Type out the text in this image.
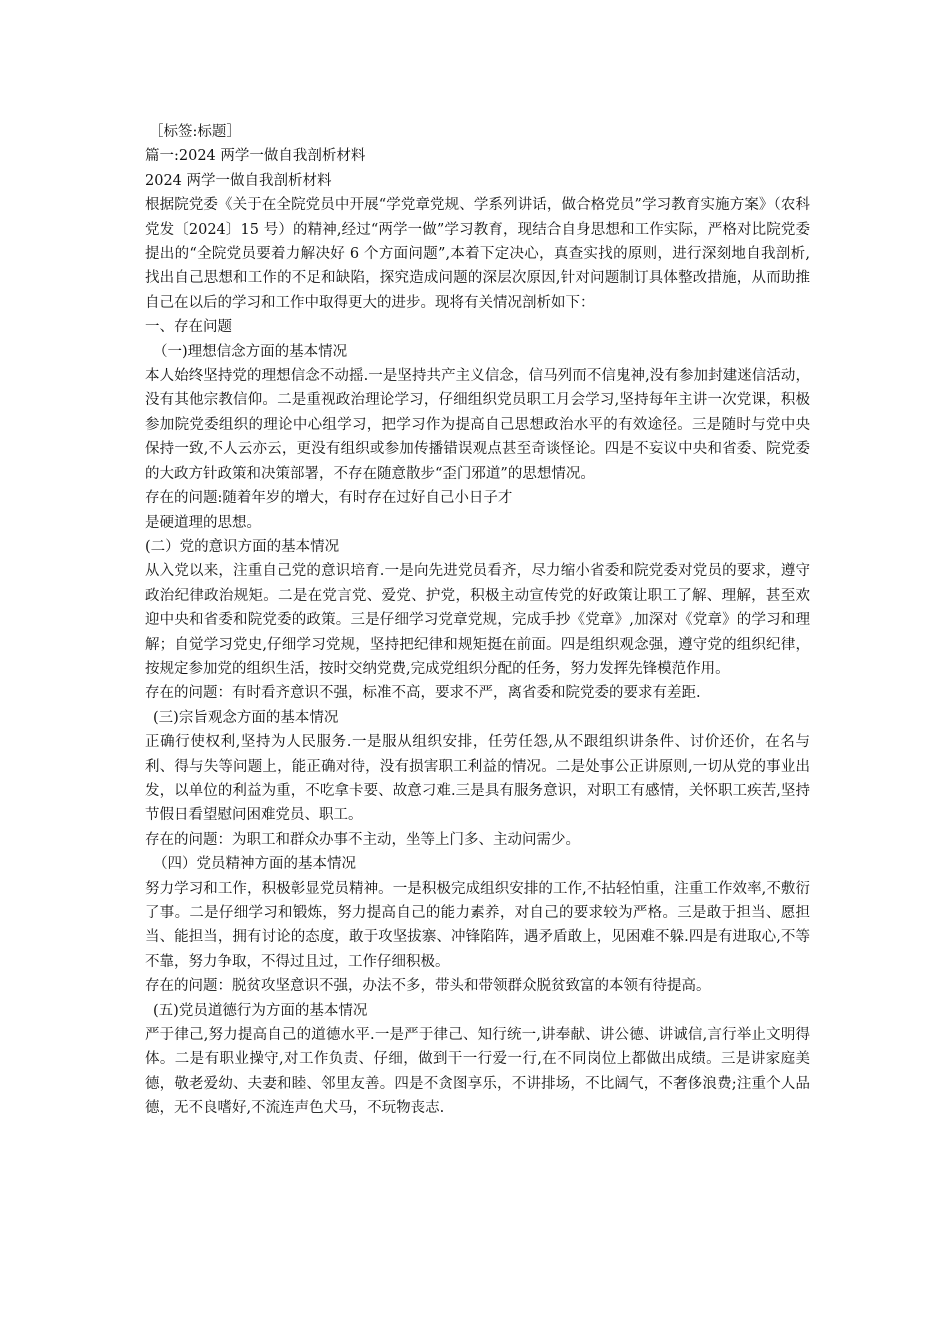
［标签:标题］

篇一:2024 两学一做自我剖析材料

2024 两学一做自我剖析材料

根据院党委《关于在全院党员中开展“学党章党规、学系列讲话，做合格党员”学习教育实施方案》（农科党发〔2024〕15 号）的精神,经过“两学一做”学习教育，现结合自身思想和工作实际，严格对比院党委提出的“全院党员要着力解决好 6 个方面问题”,本着下定决心，真查实找的原则，进行深刻地自我剖析,找出自己思想和工作的不足和缺陷，探究造成问题的深层次原因,针对问题制订具体整改措施，从而助推自己在以后的学习和工作中取得更大的进步。现将有关情况剖析如下：

一、存在问题

（一)理想信念方面的基本情况

本人始终坚持党的理想信念不动摇.一是坚持共产主义信念，信马列而不信鬼神,没有参加封建迷信活动，没有其他宗教信仰。二是重视政治理论学习，仔细组织党员职工月会学习,坚持每年主讲一次党课，积极参加院党委组织的理论中心组学习，把学习作为提高自己思想政治水平的有效途径。三是随时与党中央保持一致,不人云亦云，更没有组织或参加传播错误观点甚至奇谈怪论。四是不妄议中央和省委、院党委的大政方针政策和决策部署，不存在随意散步“歪门邪道”的思想情况。

存在的问题:随着年岁的增大，有时存在过好自己小日子才

是硬道理的思想。

(二）党的意识方面的基本情况

从入党以来，注重自己党的意识培育.一是向先进党员看齐，尽力缩小省委和院党委对党员的要求，遵守政治纪律政治规矩。二是在党言党、爱党、护党，积极主动宣传党的好政策让职工了解、理解，甚至欢迎中央和省委和院党委的政策。三是仔细学习党章党规，完成手抄《党章》,加深对《党章》的学习和理解；自觉学习党史,仔细学习党规，坚持把纪律和规矩挺在前面。四是组织观念强，遵守党的组织纪律，按规定参加党的组织生活，按时交纳党费,完成党组织分配的任务，努力发挥先锋模范作用。

存在的问题：有时看齐意识不强，标准不高，要求不严，离省委和院党委的要求有差距.

(三)宗旨观念方面的基本情况

正确行使权利,坚持为人民服务.一是服从组织安排，任劳任怨,从不跟组织讲条件、讨价还价，在名与利、得与失等问题上，能正确对待，没有损害职工利益的情况。二是处事公正讲原则,一切从党的事业出发，以单位的利益为重，不吃拿卡要、故意刁难.三是具有服务意识，对职工有感情，关怀职工疾苦,坚持节假日看望慰问困难党员、职工。

存在的问题：为职工和群众办事不主动，坐等上门多、主动问需少。

（四）党员精神方面的基本情况

努力学习和工作，积极彰显党员精神。一是积极完成组织安排的工作,不拈轻怕重，注重工作效率,不敷衍了事。二是仔细学习和锻炼，努力提高自己的能力素养，对自己的要求较为严格。三是敢于担当、愿担当、能担当，拥有讨论的态度，敢于攻坚拔寨、冲锋陷阵，遇矛盾敢上，见困难不躲.四是有进取心,不等不靠，努力争取，不得过且过，工作仔细积极。

存在的问题：脱贫攻坚意识不强，办法不多，带头和带领群众脱贫致富的本领有待提高。

(五)党员道德行为方面的基本情况

严于律己,努力提高自己的道德水平.一是严于律己、知行统一,讲奉献、讲公德、讲诚信,言行举止文明得体。二是有职业操守,对工作负责、仔细，做到干一行爱一行,在不同岗位上都做出成绩。三是讲家庭美德，敬老爱幼、夫妻和睦、邻里友善。四是不贪图享乐，不讲排场，不比阔气，不奢侈浪费;注重个人品德，无不良嗜好,不流连声色犬马，不玩物丧志.
